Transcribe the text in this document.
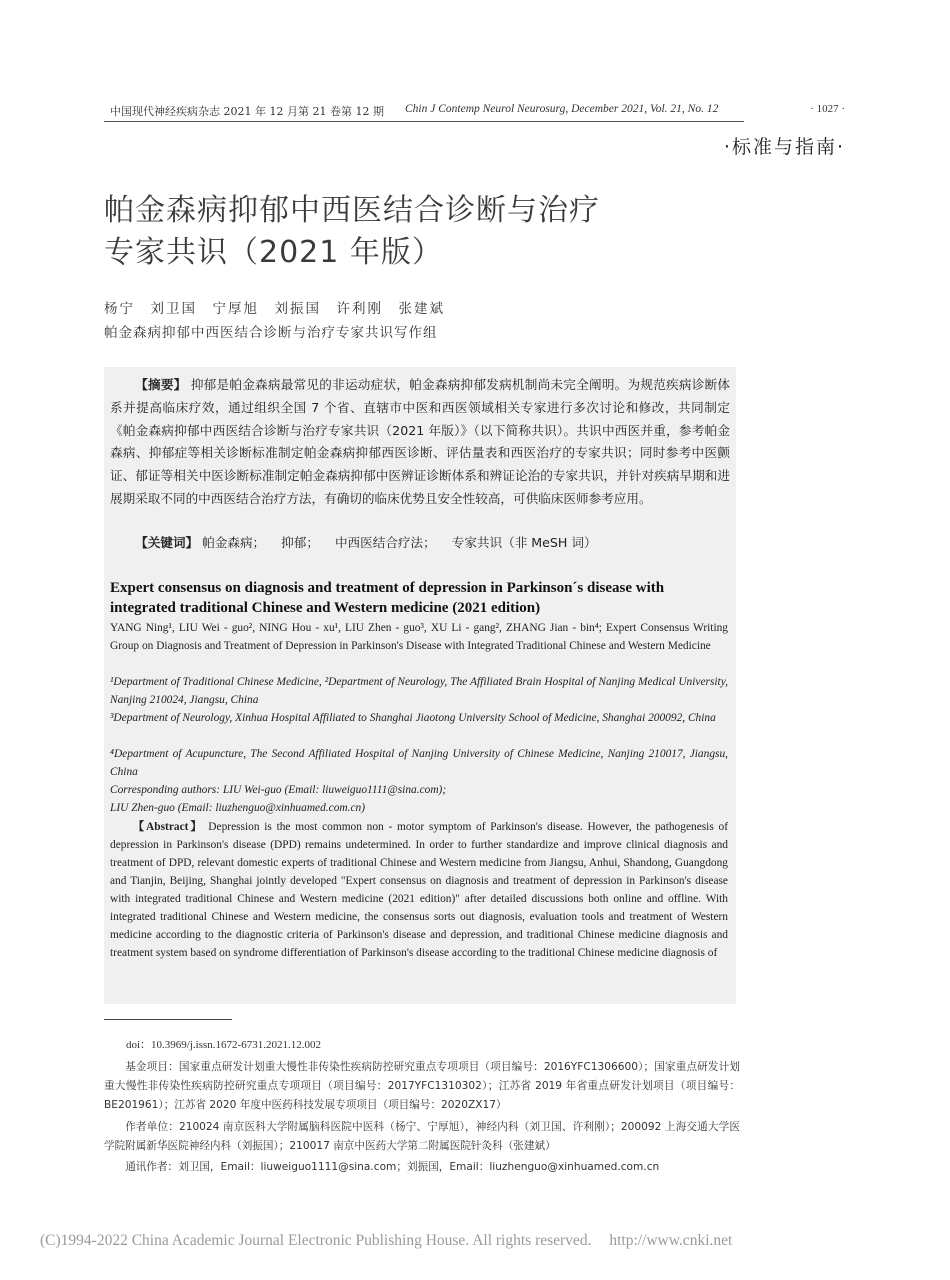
中国现代神经疾病杂志 2021 年 12 月第 21 卷第 12 期 Chin J Contemp Neurol Neurosurg, December 2021, Vol. 21, No. 12	· 1027 ·
·标准与指南·
帕金森病抑郁中西医结合诊断与治疗
专家共识（2021 年版）
杨宁　刘卫国　宁厚旭　刘振国　许利刚　张建斌
帕金森病抑郁中西医结合诊断与治疗专家共识写作组
【摘要】 抑郁是帕金森病最常见的非运动症状，帕金森病抑郁发病机制尚未完全阐明。为规范疾病诊断体系并提高临床疗效，通过组织全国 7 个省、直辖市中医和西医领域相关专家进行多次讨论和修改，共同制定《帕金森病抑郁中西医结合诊断与治疗专家共识（2021 年版）》（以下简称共识）。共识中西医并重，参考帕金森病、抑郁症等相关诊断标准制定帕金森病抑郁西医诊断、评估量表和西医治疗的专家共识；同时参考中医颤证、郁证等相关中医诊断标准制定帕金森病抑郁中医辨证诊断体系和辨证论治的专家共识，并针对疾病早期和进展期采取不同的中西医结合治疗方法，有确切的临床优势且安全性较高，可供临床医师参考应用。
【关键词】 帕金森病； 抑郁； 中西医结合疗法； 专家共识（非 MeSH 词）
Expert consensus on diagnosis and treatment of depression in Parkinson´s disease with integrated traditional Chinese and Western medicine (2021 edition)
YANG Ning¹, LIU Wei - guo², NING Hou - xu¹, LIU Zhen - guo³, XU Li - gang², ZHANG Jian - bin⁴; Expert Consensus Writing Group on Diagnosis and Treatment of Depression in Parkinson's Disease with Integrated Traditional Chinese and Western Medicine
¹Department of Traditional Chinese Medicine, ²Department of Neurology, The Affiliated Brain Hospital of Nanjing Medical University, Nanjing 210024, Jiangsu, China
³Department of Neurology, Xinhua Hospital Affiliated to Shanghai Jiaotong University School of Medicine, Shanghai 200092, China
⁴Department of Acupuncture, The Second Affiliated Hospital of Nanjing University of Chinese Medicine, Nanjing 210017, Jiangsu, China
Corresponding authors: LIU Wei-guo (Email: liuweiguo1111@sina.com);
LIU Zhen-guo (Email: liuzhenguo@xinhuamed.com.cn)
【Abstract】 Depression is the most common non - motor symptom of Parkinson's disease. However, the pathogenesis of depression in Parkinson's disease (DPD) remains undetermined. In order to further standardize and improve clinical diagnosis and treatment of DPD, relevant domestic experts of traditional Chinese and Western medicine from Jiangsu, Anhui, Shandong, Guangdong and Tianjin, Beijing, Shanghai jointly developed "Expert consensus on diagnosis and treatment of depression in Parkinson's disease with integrated traditional Chinese and Western medicine (2021 edition)" after detailed discussions both online and offline. With integrated traditional Chinese and Western medicine, the consensus sorts out diagnosis, evaluation tools and treatment of Western medicine according to the diagnostic criteria of Parkinson's disease and depression, and traditional Chinese medicine diagnosis and treatment system based on syndrome differentiation of Parkinson's disease according to the traditional Chinese medicine diagnosis of
doi：10.3969/j.issn.1672-6731.2021.12.002
基金项目：国家重点研发计划重大慢性非传染性疾病防控研究重点专项项目（项目编号：2016YFC1306600）；国家重点研发计划重大慢性非传染性疾病防控研究重点专项项目（项目编号：2017YFC1310302）；江苏省 2019 年省重点研发计划项目（项目编号：BE201961）；江苏省 2020 年度中医药科技发展专项项目（项目编号：2020ZX17）
作者单位：210024 南京医科大学附属脑科医院中医科（杨宁、宁厚旭），神经内科（刘卫国、许利刚）；200092 上海交通大学医学院附属新华医院神经内科（刘振国）；210017 南京中医药大学第二附属医院针灸科（张建斌）
通讯作者：刘卫国，Email：liuweiguo1111@sina.com；刘振国，Email：liuzhenguo@xinhuamed.com.cn
(C)1994-2022 China Academic Journal Electronic Publishing House. All rights reserved. http://www.cnki.net
